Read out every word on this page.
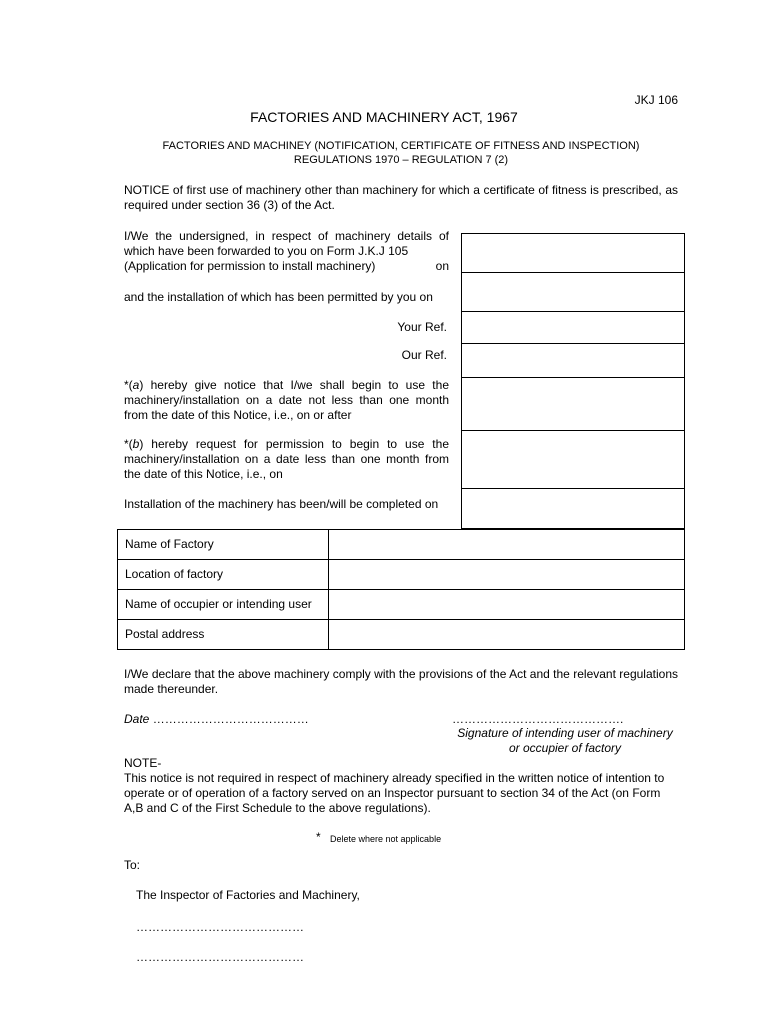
JKJ 106
FACTORIES AND MACHINERY ACT, 1967
FACTORIES AND MACHINEY (NOTIFICATION, CERTIFICATE OF FITNESS AND INSPECTION)
REGULATIONS 1970 – REGULATION 7 (2)
NOTICE of first use of machinery other than machinery for which a certificate of fitness is prescribed, as required under section 36 (3) of the Act.
I/We the undersigned, in respect of machinery details of which have been forwarded to you on Form J.K.J 105
(Application for permission to install machinery)	on
and the installation of which has been permitted by you on
Your Ref.
Our Ref.
*(a) hereby give notice that I/we shall begin to use the machinery/installation on a date not less than one month from the date of this Notice, i.e., on or after
*(b) hereby request for permission to begin to use the machinery/installation on a date less than one month from the date of this Notice, i.e., on
Installation of the machinery has been/will be completed on
Name of Factory	
Location of factory	
Name of occupier or intending user	
Postal address	
I/We declare that the above machinery comply with the provisions of the Act and the relevant regulations made thereunder.
Date …………………………………	…………………………………….
Signature of intending user of machinery
or occupier of factory
NOTE-
This notice is not required in respect of machinery already specified in the written notice of intention to operate or of operation of a factory served on an Inspector pursuant to section 34 of the Act (on Form A,B and C of the First Schedule to the above regulations).
* Delete where not applicable
To:
The Inspector of Factories and Machinery,
……………………………………
……………………………………
